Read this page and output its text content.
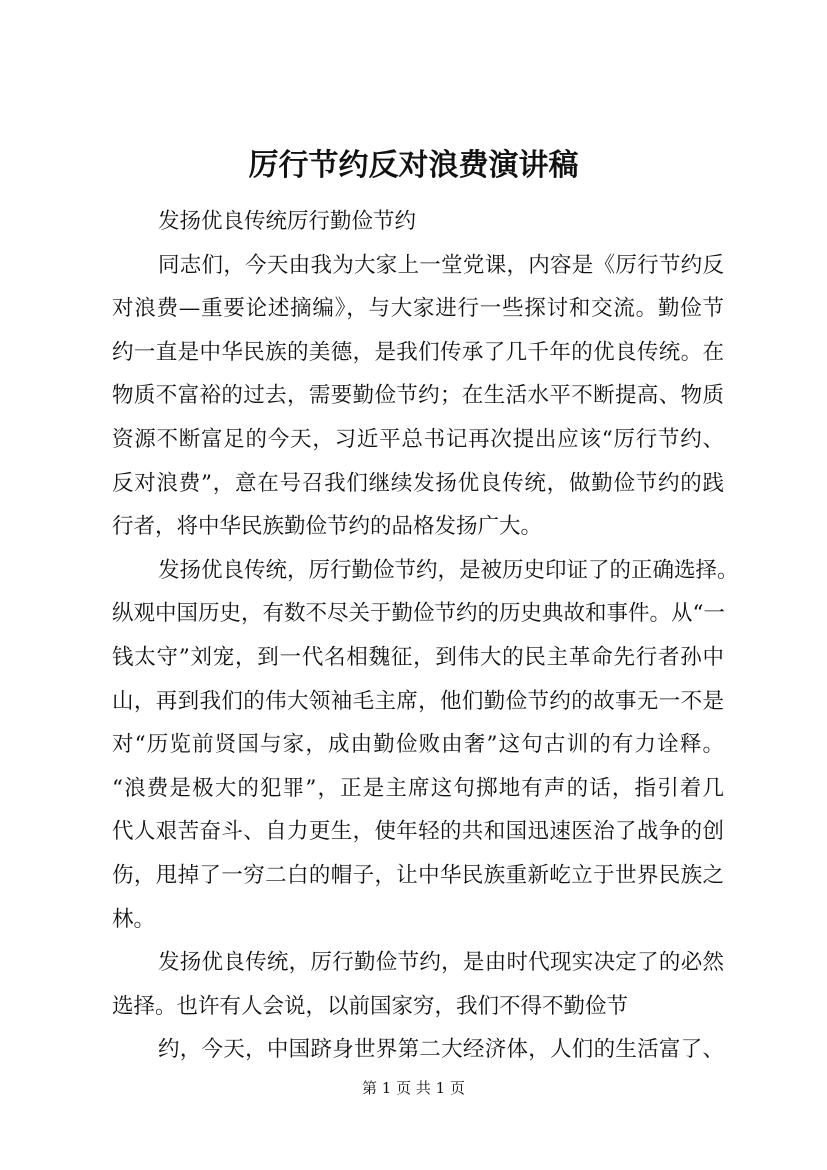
厉行节约反对浪费演讲稿
发扬优良传统厉行勤俭节约
同志们，今天由我为大家上一堂党课，内容是《厉行节约反
对浪费—重要论述摘编》，与大家进行一些探讨和交流。勤俭节
约一直是中华民族的美德，是我们传承了几千年的优良传统。在
物质不富裕的过去，需要勤俭节约；在生活水平不断提高、物质
资源不断富足的今天，习近平总书记再次提出应该“厉行节约、
反对浪费”，意在号召我们继续发扬优良传统，做勤俭节约的践
行者，将中华民族勤俭节约的品格发扬广大。
发扬优良传统，厉行勤俭节约，是被历史印证了的正确选择。
纵观中国历史，有数不尽关于勤俭节约的历史典故和事件。从“一
钱太守”刘宠，到一代名相魏征，到伟大的民主革命先行者孙中
山，再到我们的伟大领袖毛主席，他们勤俭节约的故事无一不是
对“历览前贤国与家，成由勤俭败由奢”这句古训的有力诠释。
“浪费是极大的犯罪”，正是主席这句掷地有声的话，指引着几
代人艰苦奋斗、自力更生，使年轻的共和国迅速医治了战争的创
伤，甩掉了一穷二白的帽子，让中华民族重新屹立于世界民族之
林。
发扬优良传统，厉行勤俭节约，是由时代现实决定了的必然
选择。也许有人会说，以前国家穷，我们不得不勤俭节
约，今天，中国跻身世界第二大经济体，人们的生活富了、
第 1 页 共 1 页
